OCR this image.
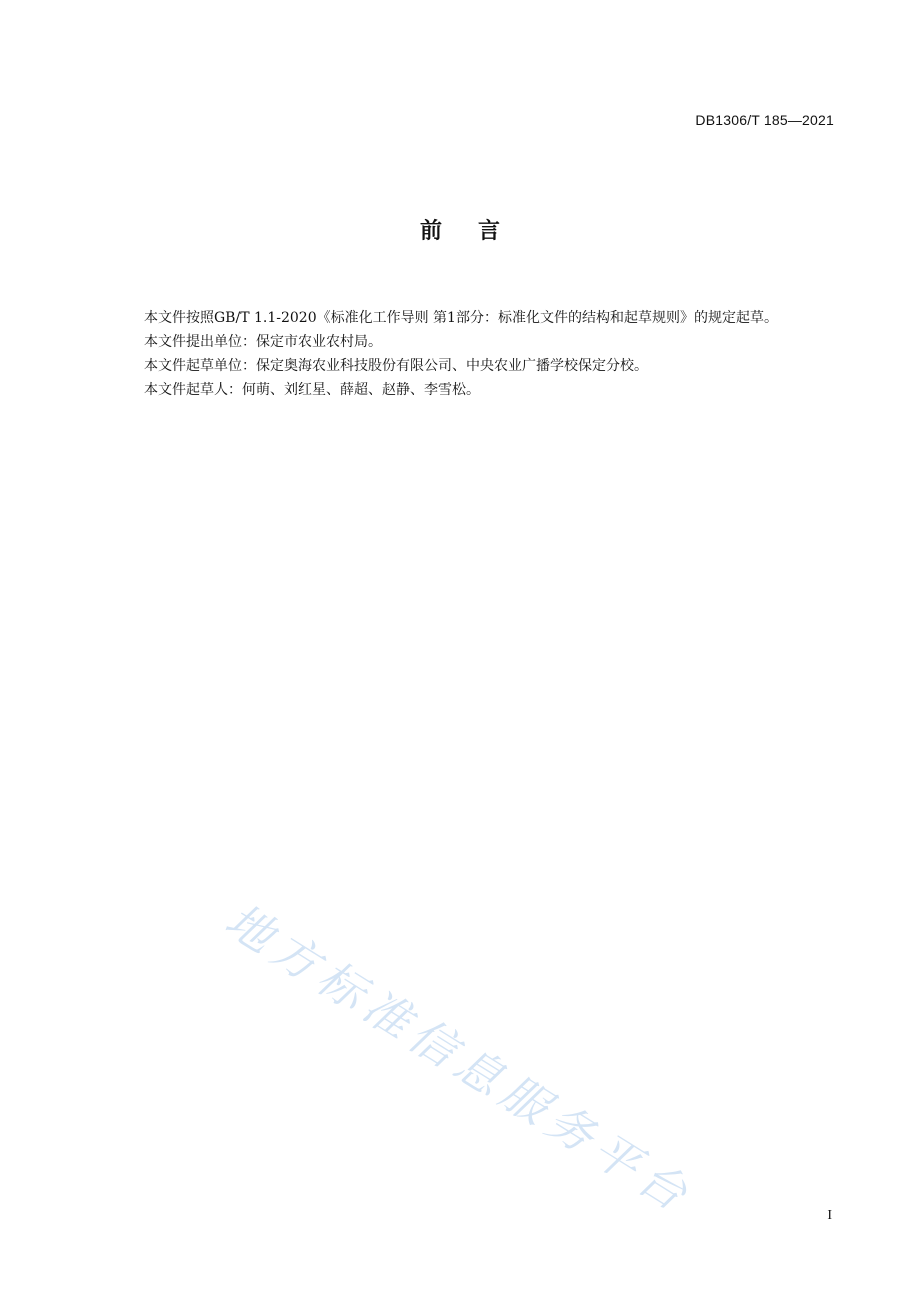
DB1306/T 185—2021
前 言

本文件按照GB/T 1.1-2020《标准化工作导则 第1部分：标准化文件的结构和起草规则》的规定起草。

本文件提出单位：保定市农业农村局。

本文件起草单位：保定奥海农业科技股份有限公司、中央农业广播学校保定分校。

本文件起草人：何萌、刘红星、薛超、赵静、李雪松。

地方标准信息服务平台	I
